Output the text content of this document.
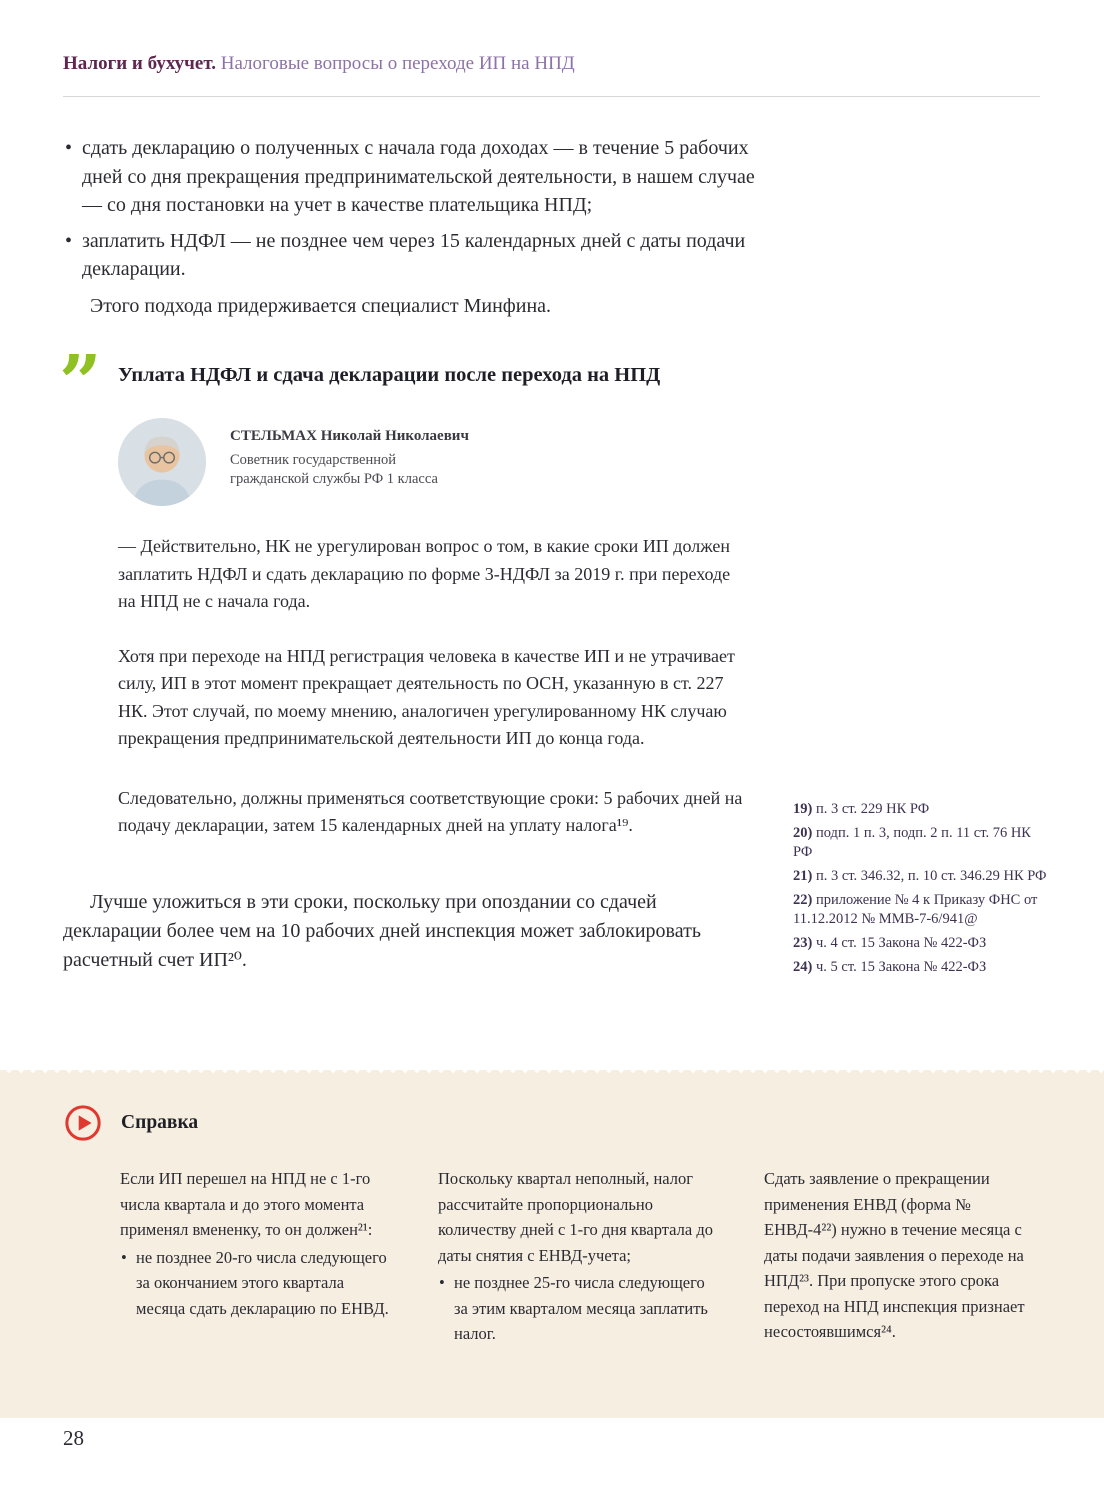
Налоги и бухучет. Налоговые вопросы о переходе ИП на НПД
• сдать декларацию о полученных с начала года доходах — в течение 5 рабочих дней со дня прекращения предпринимательской деятельности, в нашем случае — со дня постановки на учет в качестве плательщика НПД;
• заплатить НДФЛ — не позднее чем через 15 календарных дней с даты подачи декларации.

Этого подхода придерживается специалист Минфина.

” Уплата НДФЛ и сдача декларации после перехода на НПД
СТЕЛЬМАХ Николай Николаевич
Советник государственной гражданской службы РФ 1 класса

— Действительно, НК не урегулирован вопрос о том, в какие сроки ИП должен заплатить НДФЛ и сдать декларацию по форме 3-НДФЛ за 2019 г. при переходе на НПД не с начала года.

Хотя при переходе на НПД регистрация человека в качестве ИП и не утрачивает силу, ИП в этот момент прекращает деятельность по ОСН, указанную в ст. 227 НК. Этот случай, по моему мнению, аналогичен урегулированному НК случаю прекращения предпринимательской деятельности ИП до конца года.

Следовательно, должны применяться соответствующие сроки: 5 рабочих дней на подачу декларации, затем 15 календарных дней на уплату налога¹⁹.

Лучше уложиться в эти сроки, поскольку при опоздании со сдачей декларации более чем на 10 рабочих дней инспекция может заблокировать расчетный счет ИП²⁰.

19) п. 3 ст. 229 НК РФ
20) подп. 1 п. 3, подп. 2 п. 11 ст. 76 НК РФ
21) п. 3 ст. 346.32, п. 10 ст. 346.29 НК РФ
22) приложение № 4 к Приказу ФНС от 11.12.2012 № ММВ-7-6/941@
23) ч. 4 ст. 15 Закона № 422-ФЗ
24) ч. 5 ст. 15 Закона № 422-ФЗ
Справка

Если ИП перешел на НПД не с 1-го числа квартала и до этого момента применял вмененку, то он должен²¹:

• не позднее 20-го числа следующего за окончанием этого квартала месяца сдать декларацию по ЕНВД.

Поскольку квартал неполный, налог рассчитайте пропорционально количеству дней с 1-го дня квартала до даты снятия с ЕНВД-учета;

• не позднее 25-го числа следующего за этим кварталом месяца заплатить налог.

Сдать заявление о прекращении применения ЕНВД (форма № ЕНВД-4²²) нужно в течение месяца с даты подачи заявления о переходе на НПД²³. При пропуске этого срока переход на НПД инспекция признает несостоявшимся²⁴.

28
